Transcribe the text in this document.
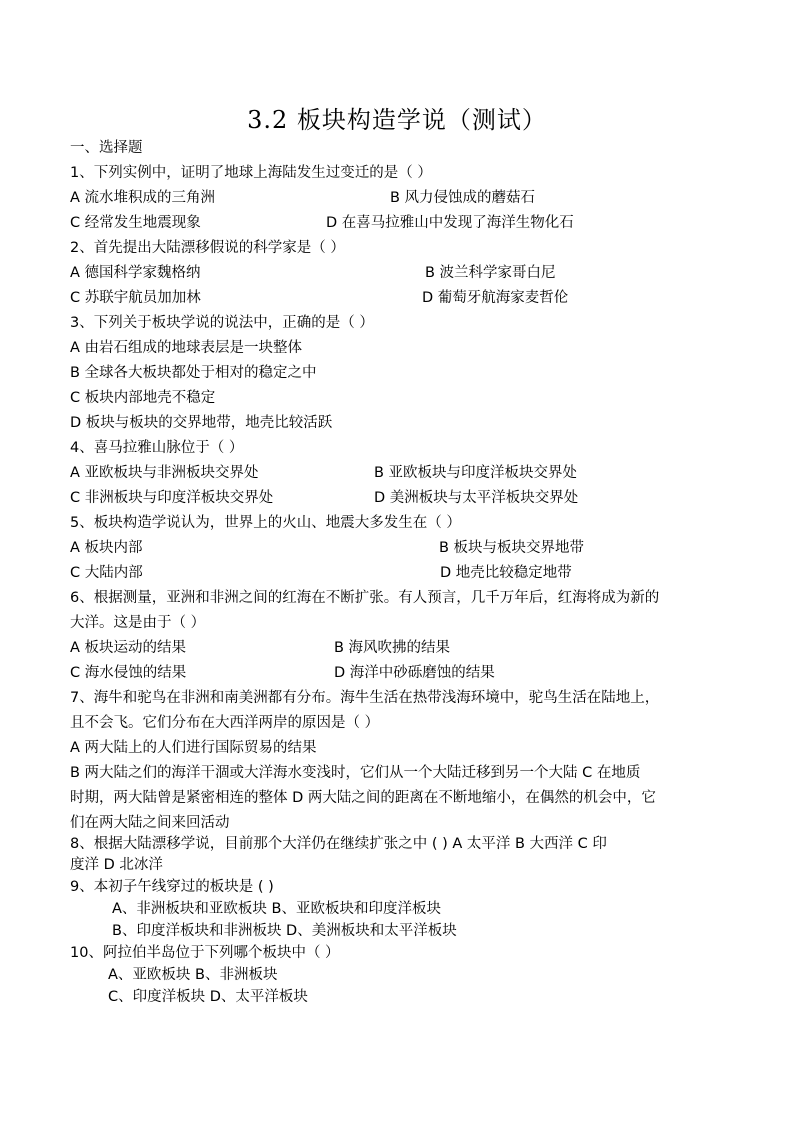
3.2 板块构造学说（测试）
一、选择题
1、下列实例中，证明了地球上海陆发生过变迁的是（ ）
A 流水堆积成的三角洲	B 风力侵蚀成的蘑菇石
C 经常发生地震现象	D 在喜马拉雅山中发现了海洋生物化石
2、首先提出大陆漂移假说的科学家是（ ）
A 德国科学家魏格纳	B 波兰科学家哥白尼
C 苏联宇航员加加林	D 葡萄牙航海家麦哲伦
3、下列关于板块学说的说法中，正确的是（ ）
A 由岩石组成的地球表层是一块整体
B 全球各大板块都处于相对的稳定之中
C 板块内部地壳不稳定
D 板块与板块的交界地带，地壳比较活跃
4、喜马拉雅山脉位于（ ）
A 亚欧板块与非洲板块交界处	B 亚欧板块与印度洋板块交界处
C 非洲板块与印度洋板块交界处	D 美洲板块与太平洋板块交界处
5、板块构造学说认为，世界上的火山、地震大多发生在（ ）
A 板块内部	B 板块与板块交界地带
C 大陆内部	D 地壳比较稳定地带
6、根据测量，亚洲和非洲之间的红海在不断扩张。有人预言，几千万年后，红海将成为新的
大洋。这是由于（ ）
A 板块运动的结果	B 海风吹拂的结果
C 海水侵蚀的结果	D 海洋中砂砾磨蚀的结果
7、海牛和驼鸟在非洲和南美洲都有分布。海牛生活在热带浅海环境中，驼鸟生活在陆地上，
且不会飞。它们分布在大西洋两岸的原因是（ ）
A 两大陆上的人们进行国际贸易的结果
B 两大陆之们的海洋干涸或大洋海水变浅时，它们从一个大陆迁移到另一个大陆 C 在地质
时期，两大陆曾是紧密相连的整体 D 两大陆之间的距离在不断地缩小，在偶然的机会中，它
们在两大陆之间来回活动
8、根据大陆漂移学说，目前那个大洋仍在继续扩张之中 ( ) A 太平洋 B 大西洋 C 印
度洋 D 北冰洋
9、本初子午线穿过的板块是 ( )
A、非洲板块和亚欧板块 B、亚欧板块和印度洋板块
B、印度洋板块和非洲板块 D、美洲板块和太平洋板块
10、阿拉伯半岛位于下列哪个板块中（ ）
A、亚欧板块 B、非洲板块
C、印度洋板块 D、太平洋板块
